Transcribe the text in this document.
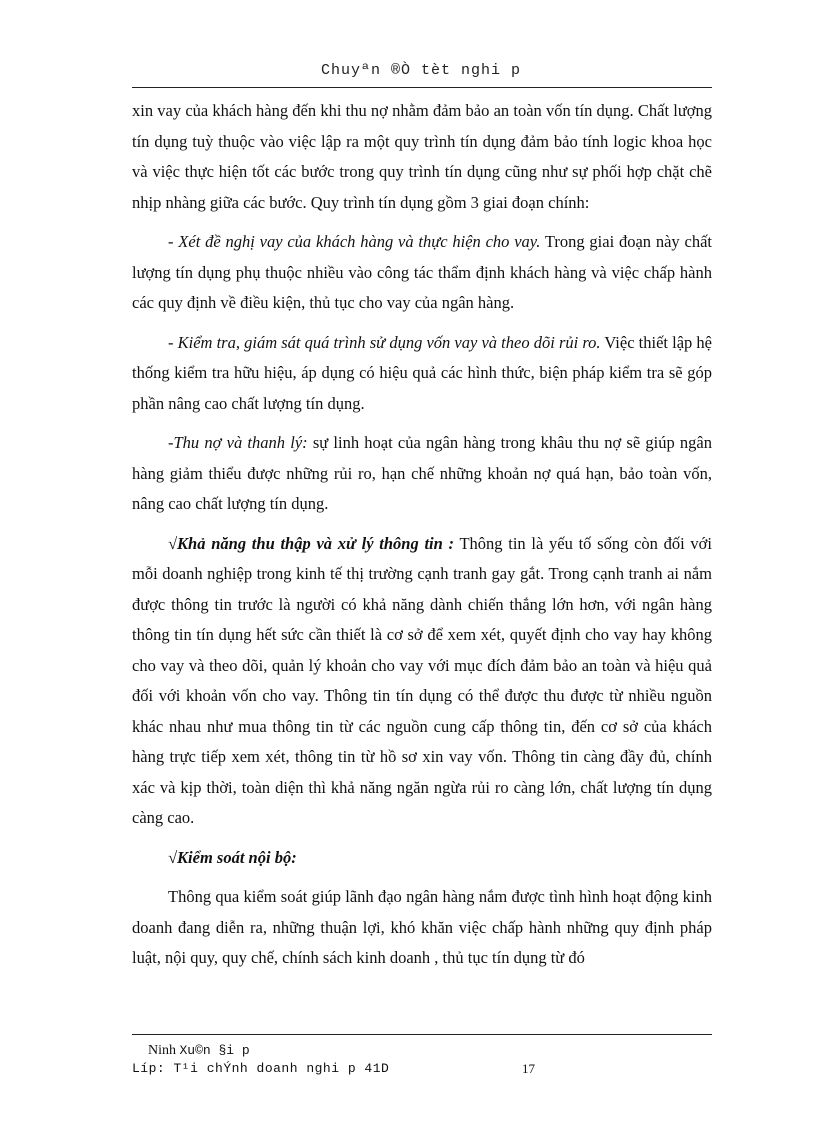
Chuyªn ®Ò tèt nghi p

xin vay của khách hàng đến khi thu nợ nhằm đảm bảo an toàn vốn tín dụng. Chất lượng tín dụng tuỳ thuộc vào việc lập ra một quy trình tín dụng đảm bảo tính logic khoa học và việc thực hiện tốt các bước trong quy trình tín dụng cũng như sự phối hợp chặt chẽ nhịp nhàng giữa các bước. Quy trình tín dụng gồm 3 giai đoạn chính:

- Xét đề nghị vay của khách hàng và thực hiện cho vay. Trong giai đoạn này chất lượng tín dụng phụ thuộc nhiều vào công tác thẩm định khách hàng và việc chấp hành các quy định về điều kiện, thủ tục cho vay của ngân hàng.

- Kiểm tra, giám sát quá trình sử dụng vốn vay và theo dõi rủi ro. Việc thiết lập hệ thống kiểm tra hữu hiệu, áp dụng có hiệu quả các hình thức, biện pháp kiểm tra sẽ góp phần nâng cao chất lượng tín dụng.

-Thu nợ và thanh lý: sự linh hoạt của ngân hàng trong khâu thu nợ sẽ giúp ngân hàng giảm thiểu được những rủi ro, hạn chế những khoản nợ quá hạn, bảo toàn vốn, nâng cao chất lượng tín dụng.

√Khả năng thu thập và xử lý thông tin : Thông tin là yếu tố sống còn đối với mỗi doanh nghiệp trong kinh tế thị trường cạnh tranh gay gắt. Trong cạnh tranh ai nắm được thông tin trước là người có khả năng dành chiến thắng lớn hơn, với ngân hàng thông tin tín dụng hết sức cần thiết là cơ sở để xem xét, quyết định cho vay hay không cho vay và theo dõi, quản lý khoản cho vay với mục đích đảm bảo an toàn và hiệu quả đối với khoản vốn cho vay. Thông tin tín dụng có thể được thu được từ nhiều nguồn khác nhau như mua thông tin từ các nguồn cung cấp thông tin, đến cơ sở của khách hàng trực tiếp xem xét, thông tin từ hồ sơ xin vay vốn. Thông tin càng đầy đủ, chính xác và kịp thời, toàn diện thì khả năng ngăn ngừa rủi ro càng lớn, chất lượng tín dụng càng cao.

√Kiểm soát nội bộ:

Thông qua kiểm soát giúp lãnh đạo ngân hàng nắm được tình hình hoạt động kinh doanh đang diễn ra, những thuận lợi, khó khăn việc chấp hành những quy định pháp luật, nội quy, quy chế, chính sách kinh doanh , thủ tục tín dụng từ đó

Ninh Xu©n §i p
Líp: T¹i chÝnh doanh nghi p 41D	17
